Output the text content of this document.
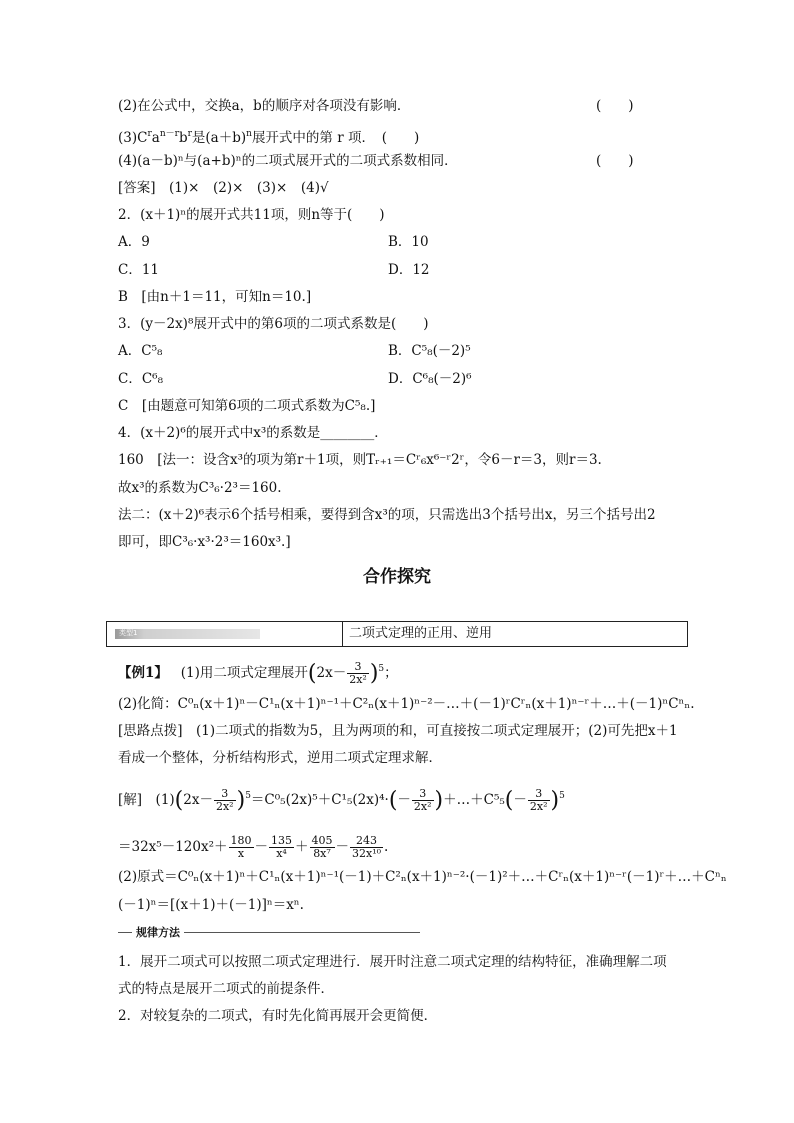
(2)在公式中，交换a，b的顺序对各项没有影响．	(　　)
$(3)C^ra^{n-r}b^r$是$(a+b)^n$展开式中的第 r 项．　(　　)
(4)(a－b)ⁿ与(a+b)ⁿ的二项式展开式的二项式系数相同．	(　　)
[答案]　(1)×　(2)×　(3)×　(4)√
2．(x＋1)ⁿ的展开式共11项，则n等于(　　)
A．9	B．10
C．11	D．12
B　[由n＋1＝11，可知n＝10.]
3．(y－2x)⁸展开式中的第6项的二项式系数是(　　)
A．C⁵₈	B．C⁵₈(－2)⁵
C．C⁶₈	D．C⁶₈(－2)⁶
C　[由题意可知第6项的二项式系数为C⁵₈.]
4．(x＋2)⁶的展开式中x³的系数是________．
160　[法一：设含x³的项为第r＋1项，则Tᵣ₊₁＝Cʳ₆x⁶⁻ʳ2ʳ，令6－r＝3，则r＝3.
故x³的系数为C³₆·2³＝160.
法二：(x＋2)⁶表示6个括号相乘，要得到含x³的项，只需选出3个括号出x，另三个括号出2
即可，即C³₆·x³·2³＝160x³.]
合作探究
类型1	二项式定理的正用、逆用
【例1】 (1)用二项式定理展开$(2x- \frac{3}{\text{2x²}} )^5$；
(2)化简：C⁰ₙ(x＋1)ⁿ－C¹ₙ(x＋1)ⁿ⁻¹＋C²ₙ(x＋1)ⁿ⁻²－…＋(－1)ʳCʳₙ(x＋1)ⁿ⁻ʳ＋…＋(－1)ⁿCⁿₙ.
[思路点拨]　(1)二项式的指数为5，且为两项的和，可直接按二项式定理展开；(2)可先把x＋1
看成一个整体，分析结构形式，逆用二项式定理求解．
[解]　$(1)(2x- \frac{3}{\text{2x²}} )^5=C^0_5(2x)^5+C^1_5(2x)^4\cdot(- \frac{3}{\text{2x²}}$ )＋…＋C⁵₅(－ $\frac{3}{\text{2x²}} )^5$
$=32x^5-120x^2+ \frac{180}{x} - \frac{135}{\text{x⁴}} + \frac{405}{\text{8x⁷}} - \frac{243}{\text{32x¹⁰}}$ .
(2)原式＝C⁰ₙ(x＋1)ⁿ＋C¹ₙ(x＋1)ⁿ⁻¹(－1)＋C²ₙ(x＋1)ⁿ⁻²·(－1)²＋…＋Cʳₙ(x＋1)ⁿ⁻ʳ(－1)ʳ＋…＋Cⁿₙ
(－1)ⁿ＝[(x＋1)＋(－1)]ⁿ＝xⁿ.
规律方法
1．展开二项式可以按照二项式定理进行．展开时注意二项式定理的结构特征，准确理解二项
式的特点是展开二项式的前提条件．
2．对较复杂的二项式，有时先化简再展开会更简便．
